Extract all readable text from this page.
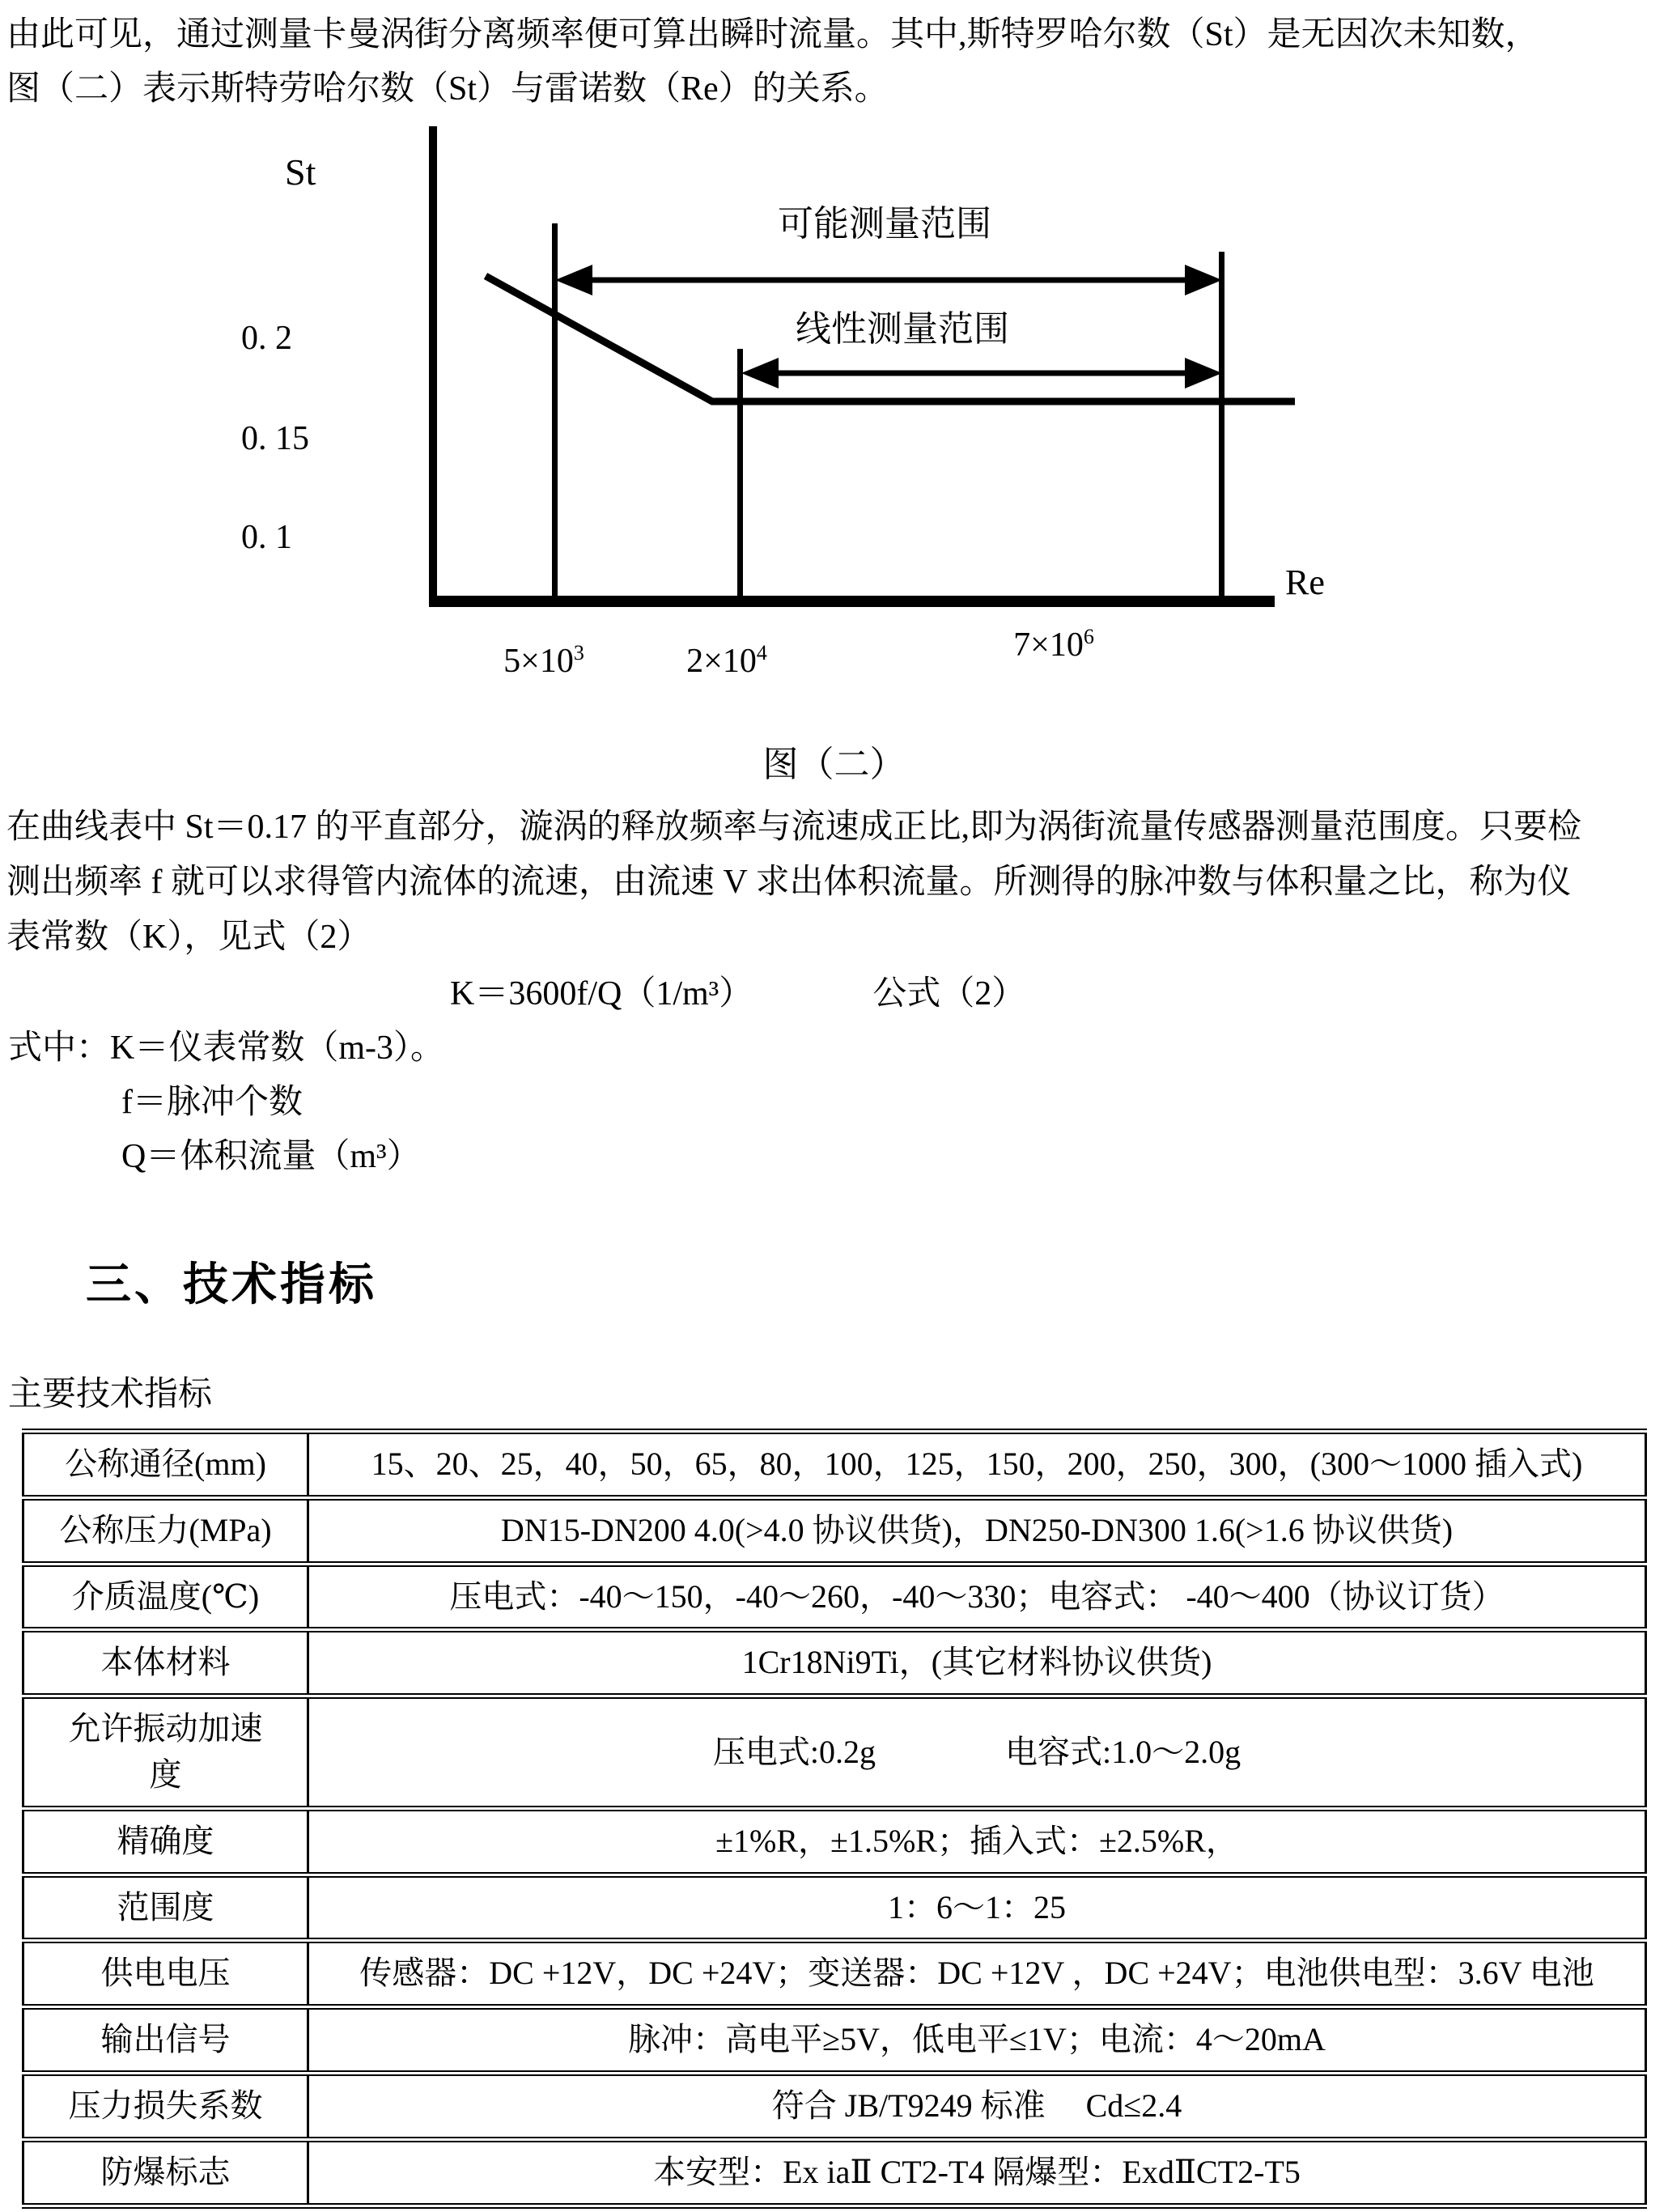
由此可见，通过测量卡曼涡街分离频率便可算出瞬时流量。其中,斯特罗哈尔数（St）是无因次未知数，
图（二）表示斯特劳哈尔数（St）与雷诺数（Re）的关系。
St
Re
0. 2
0. 15
0. 1
$5\times 10^3$	$2\times 10^4$	$7\times 10^6$
可能测量范围
线性测量范围
图（二）
在曲线表中 St＝0.17 的平直部分，漩涡的释放频率与流速成正比,即为涡街流量传感器测量范围度。只要检
测出频率 f 就可以求得管内流体的流速，由流速 V 求出体积流量。所测得的脉冲数与体积量之比，称为仪
表常数（K），见式（2）
K＝3600f/Q（1/m³）	公式（2）
式中：K＝仪表常数（m-3）。
f＝脉冲个数
Q＝体积流量（m³）
三、技术指标
主要技术指标
公称通径(mm)	15、20、25，40，50，65，80，100，125，150，200，250，300，(300～1000 插入式)
公称压力(MPa)	DN15-DN200 4.0(>4.0 协议供货)，DN250-DN300 1.6(>1.6 协议供货)
介质温度(℃)	压电式：-40～150，-40～260，-40～330；电容式： -40～400（协议订货）
本体材料	1Cr18Ni9Ti，(其它材料协议供货)
允许振动加速度	压电式:0.2g　　　　电容式:1.0～2.0g
精确度	±1%R，±1.5%R；插入式：±2.5%R，
范围度	1：6～1：25
供电电压	传感器：DC +12V，DC +24V；变送器：DC +12V ，DC +24V；电池供电型：3.6V 电池
输出信号	脉冲：高电平≥5V，低电平≤1V；电流：4～20mA
压力损失系数	符合 JB/T9249 标准　 Cd≤2.4
防爆标志	本安型：Ex iaⅡ CT2-T4 隔爆型：ExdⅡCT2-T5
